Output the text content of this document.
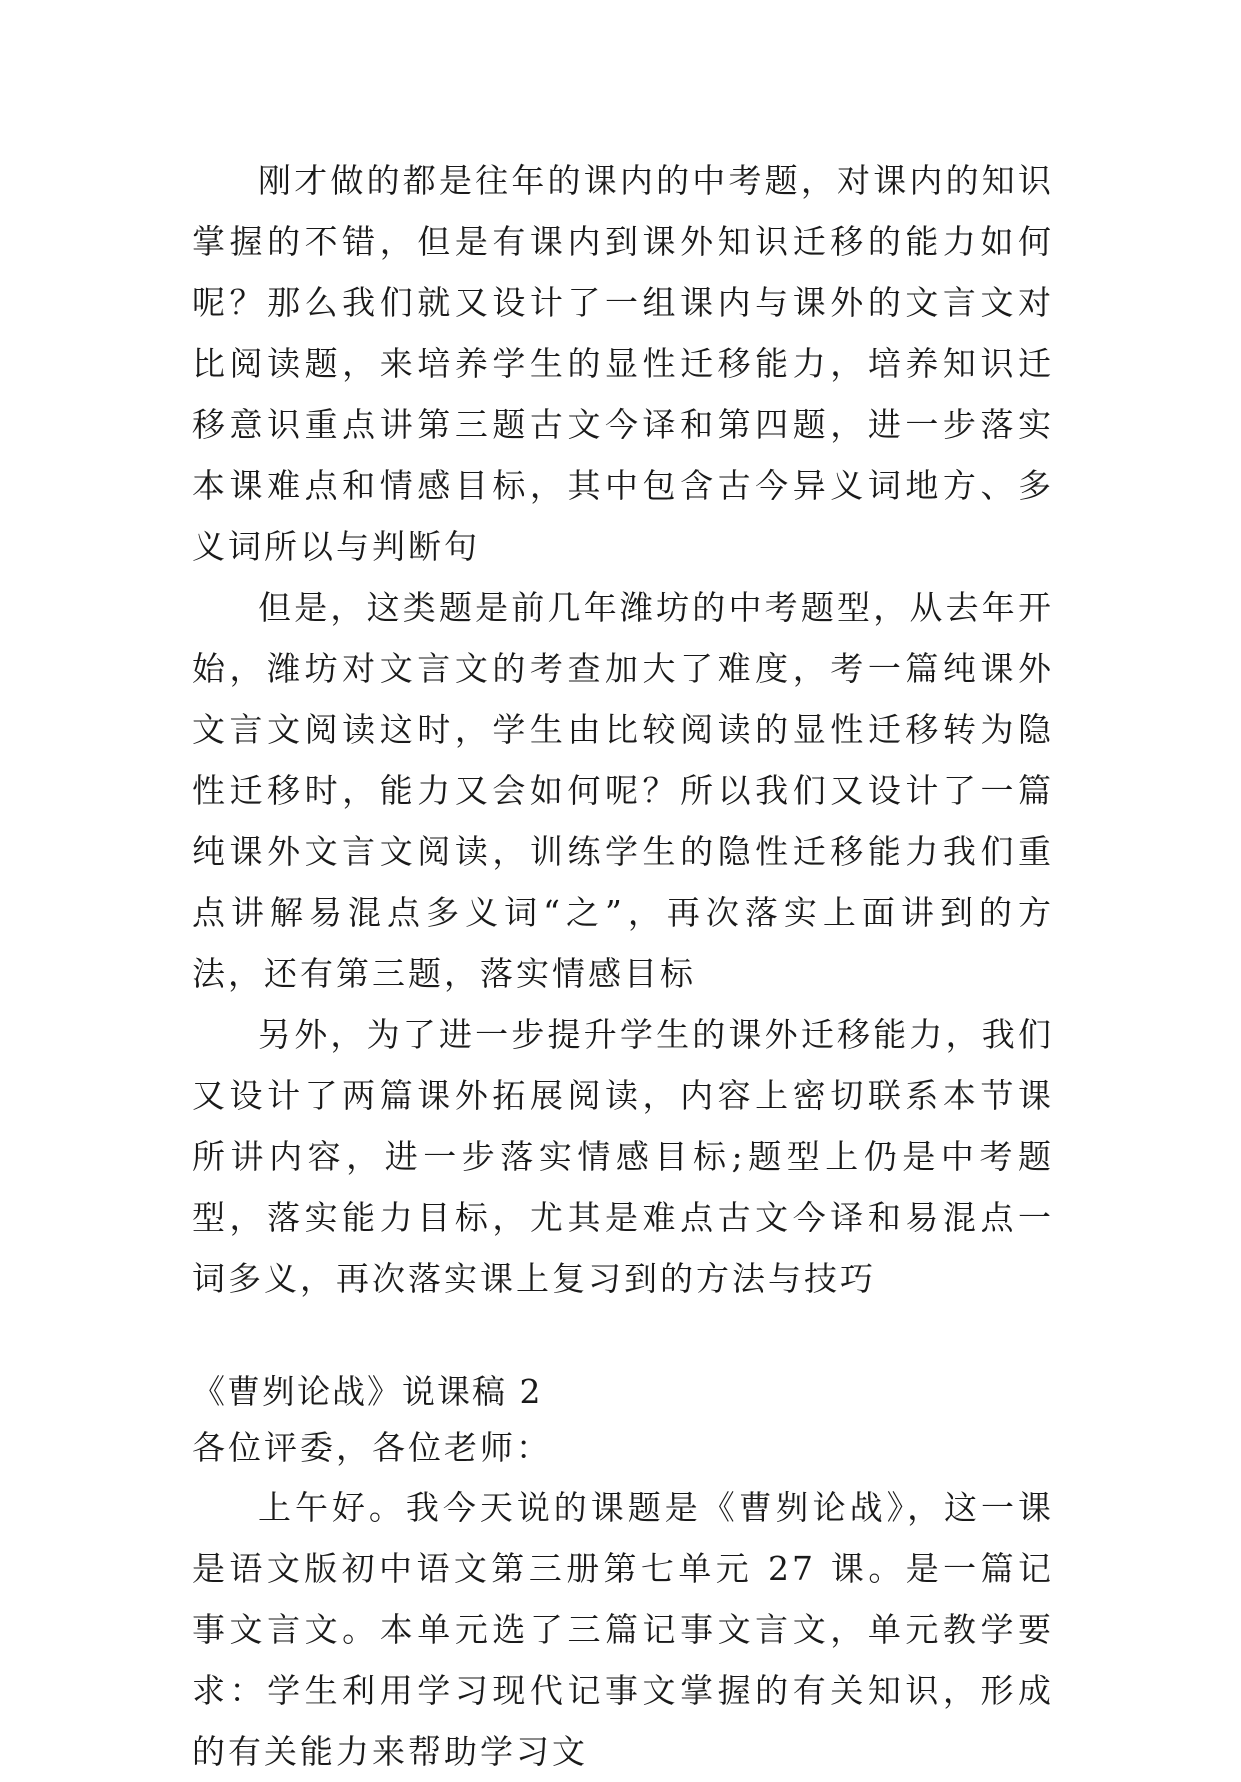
刚才做的都是往年的课内的中考题，对课内的知识掌握的不错，但是有课内到课外知识迁移的能力如何呢？那么我们就又设计了一组课内与课外的文言文对比阅读题，来培养学生的显性迁移能力，培养知识迁移意识重点讲第三题古文今译和第四题，进一步落实本课难点和情感目标，其中包含古今异义词地方、多义词所以与判断句

但是，这类题是前几年潍坊的中考题型，从去年开始，潍坊对文言文的考查加大了难度，考一篇纯课外文言文阅读这时，学生由比较阅读的显性迁移转为隐性迁移时，能力又会如何呢？所以我们又设计了一篇纯课外文言文阅读，训练学生的隐性迁移能力我们重点讲解易混点多义词“之”，再次落实上面讲到的方法，还有第三题，落实情感目标

另外，为了进一步提升学生的课外迁移能力，我们又设计了两篇课外拓展阅读，内容上密切联系本节课所讲内容，进一步落实情感目标;题型上仍是中考题型，落实能力目标，尤其是难点古文今译和易混点一词多义，再次落实课上复习到的方法与技巧

《曹刿论战》说课稿 2

各位评委，各位老师：

上午好。我今天说的课题是《曹刿论战》，这一课是语文版初中语文第三册第七单元 27 课。是一篇记事文言文。本单元选了三篇记事文言文，单元教学要求：学生利用学习现代记事文掌握的有关知识，形成的有关能力来帮助学习文
